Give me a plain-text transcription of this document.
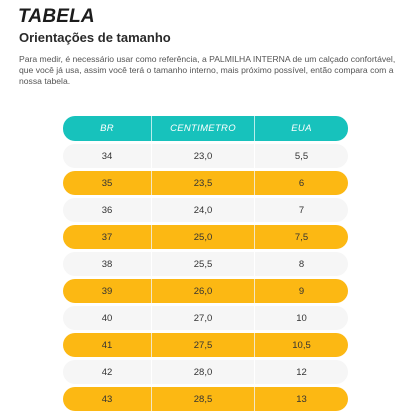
TABELA
Orientações de tamanho

Para medir, é necessário usar como referência, a PALMILHA INTERNA de um calçado confortável, que você já usa, assim você terá o tamanho interno, mais próximo possível, então compara com a nossa tabela.

BR	CENTIMETRO	EUA
34	23,0	5,5
35	23,5	6
36	24,0	7
37	25,0	7,5
38	25,5	8
39	26,0	9
40	27,0	10
41	27,5	10,5
42	28,0	12
43	28,5	13
